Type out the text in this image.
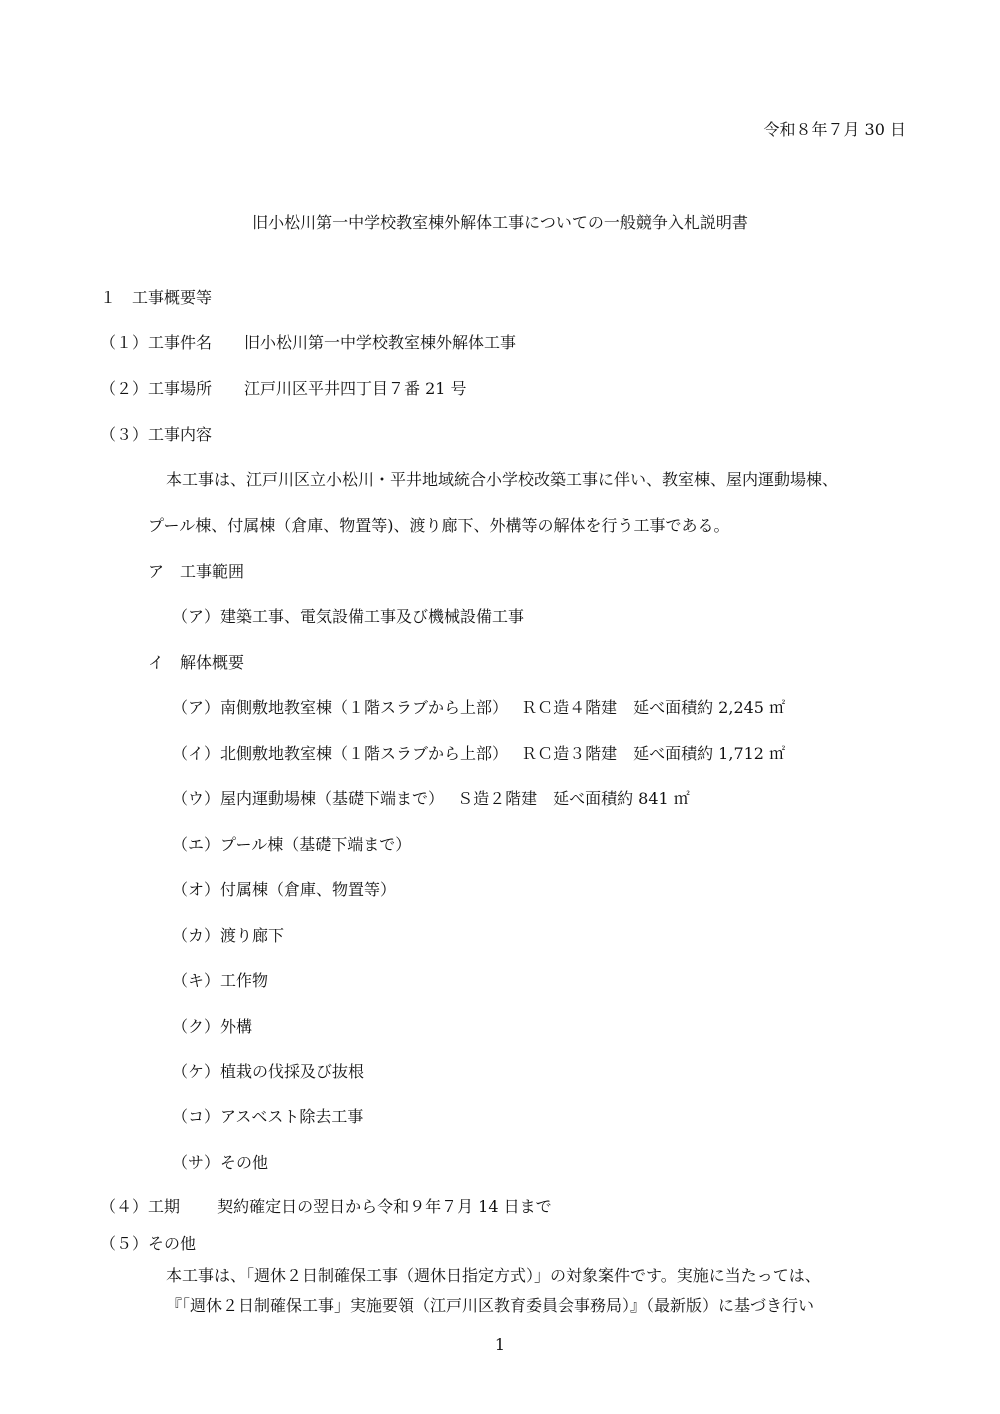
令和８年７月 30 日
旧小松川第一中学校教室棟外解体工事についての一般競争入札説明書
１　工事概要等
（１）工事件名　　旧小松川第一中学校教室棟外解体工事
（２）工事場所　　江戸川区平井四丁目７番 21 号
（３）工事内容
本工事は、江戸川区立小松川・平井地域統合小学校改築工事に伴い、教室棟、屋内運動場棟、
プール棟、付属棟（倉庫、物置等)、渡り廊下、外構等の解体を行う工事である。
ア　工事範囲
（ア）建築工事、電気設備工事及び機械設備工事
イ　解体概要
（ア）南側敷地教室棟（１階スラブから上部）　 ＲＣ造４階建　延べ面積約 2,245 ㎡
（イ）北側敷地教室棟（１階スラブから上部）　 ＲＣ造３階建　延べ面積約 1,712 ㎡
（ウ）屋内運動場棟（基礎下端まで）　 Ｓ造２階建　延べ面積約 841 ㎡
（エ）プール棟（基礎下端まで）
（オ）付属棟（倉庫、物置等）
（カ）渡り廊下
（キ）工作物
（ク）外構
（ケ）植栽の伐採及び抜根
（コ）アスベスト除去工事
（サ）その他
（４）工期　　 契約確定日の翌日から令和９年７月 14 日まで
（５）その他
本工事は、「週休２日制確保工事（週休日指定方式）」の対象案件です。実施に当たっては、
『「週休２日制確保工事」実施要領（江戸川区教育委員会事務局）』（最新版）に基づき行い
1
